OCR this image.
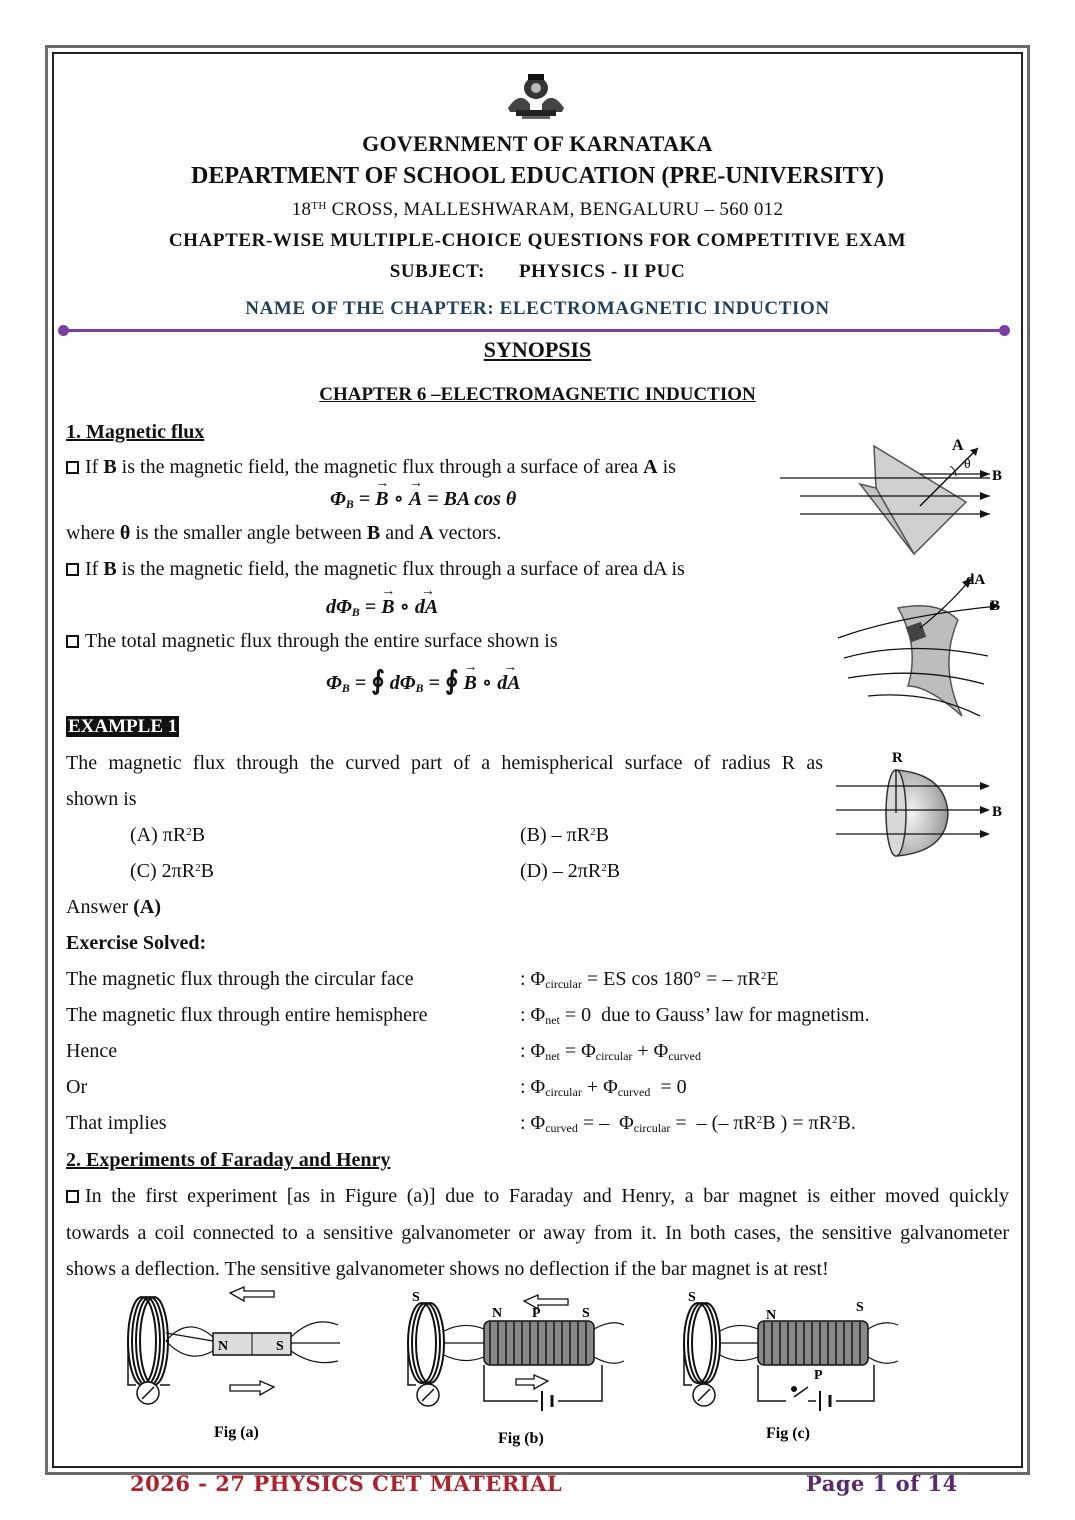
GOVERNMENT OF KARNATAKA
DEPARTMENT OF SCHOOL EDUCATION (PRE-UNIVERSITY)
18TH CROSS, MALLESHWARAM, BENGALURU – 560 012
CHAPTER-WISE MULTIPLE-CHOICE QUESTIONS FOR COMPETITIVE EXAM
SUBJECT: PHYSICS - II PUC
NAME OF THE CHAPTER: ELECTROMAGNETIC INDUCTION
SYNOPSIS
CHAPTER 6 –ELECTROMAGNETIC INDUCTION
1. Magnetic flux
If B is the magnetic field, the magnetic flux through a surface of area A is
$\Phi_B = B$
→
∘ A
→
= BA cos θ
where θ is the smaller angle between B and A vectors.
If B is the magnetic field, the magnetic flux through a surface of area dA is
$d\Phi_B = B$
→
∘ dA
→
The total magnetic flux through the entire surface shown is
$\Phi_B$ = ∮ $d\Phi_B$ = ∮ B
→
∘ dA
→
A
θ
B
dA
B
EXAMPLE 1
The magnetic flux through the curved part of a hemispherical surface of radius R as
shown is
(A) $\pi R^2B$	$(B) - \pi R^2B$
(C) $2\pi R^2B$	$(D) - 2\pi R^2B$
Answer (A)
Exercise Solved:
The magnetic flux through the circular face	: $\Phi_{circular}$ = ES cos 180° = – $\pi R^2E$
The magnetic flux through entire hemisphere	: $\Phi_{net} = 0$  due to Gauss’ law for magnetism.
Hence	: $\Phi_{net} = \Phi_{circular} + \Phi_{curved}$
Or	: $\Phi_{circular} + \Phi_{curved} = 0$
That implies	: $\Phi_{curved}$ = –  $\Phi_{circular}$ =  – (– $\pi R^2B$ ) = $\pi R^2B$.
R
B
2. Experiments of Faraday and Henry
In the first experiment [as in Figure (a)] due to Faraday and Henry, a bar magnet is either moved quickly
towards a coil connected to a sensitive galvanometer or away from it. In both cases, the sensitive galvanometer
shows a deflection. The sensitive galvanometer shows no deflection if the bar magnet is at rest!
N	S
Fig (a)
S
N P	S
Fig (b)
S
N
S
P
Fig (c)
2026 - 27 PHYSICS CET MATERIAL	Page 1 of 14
